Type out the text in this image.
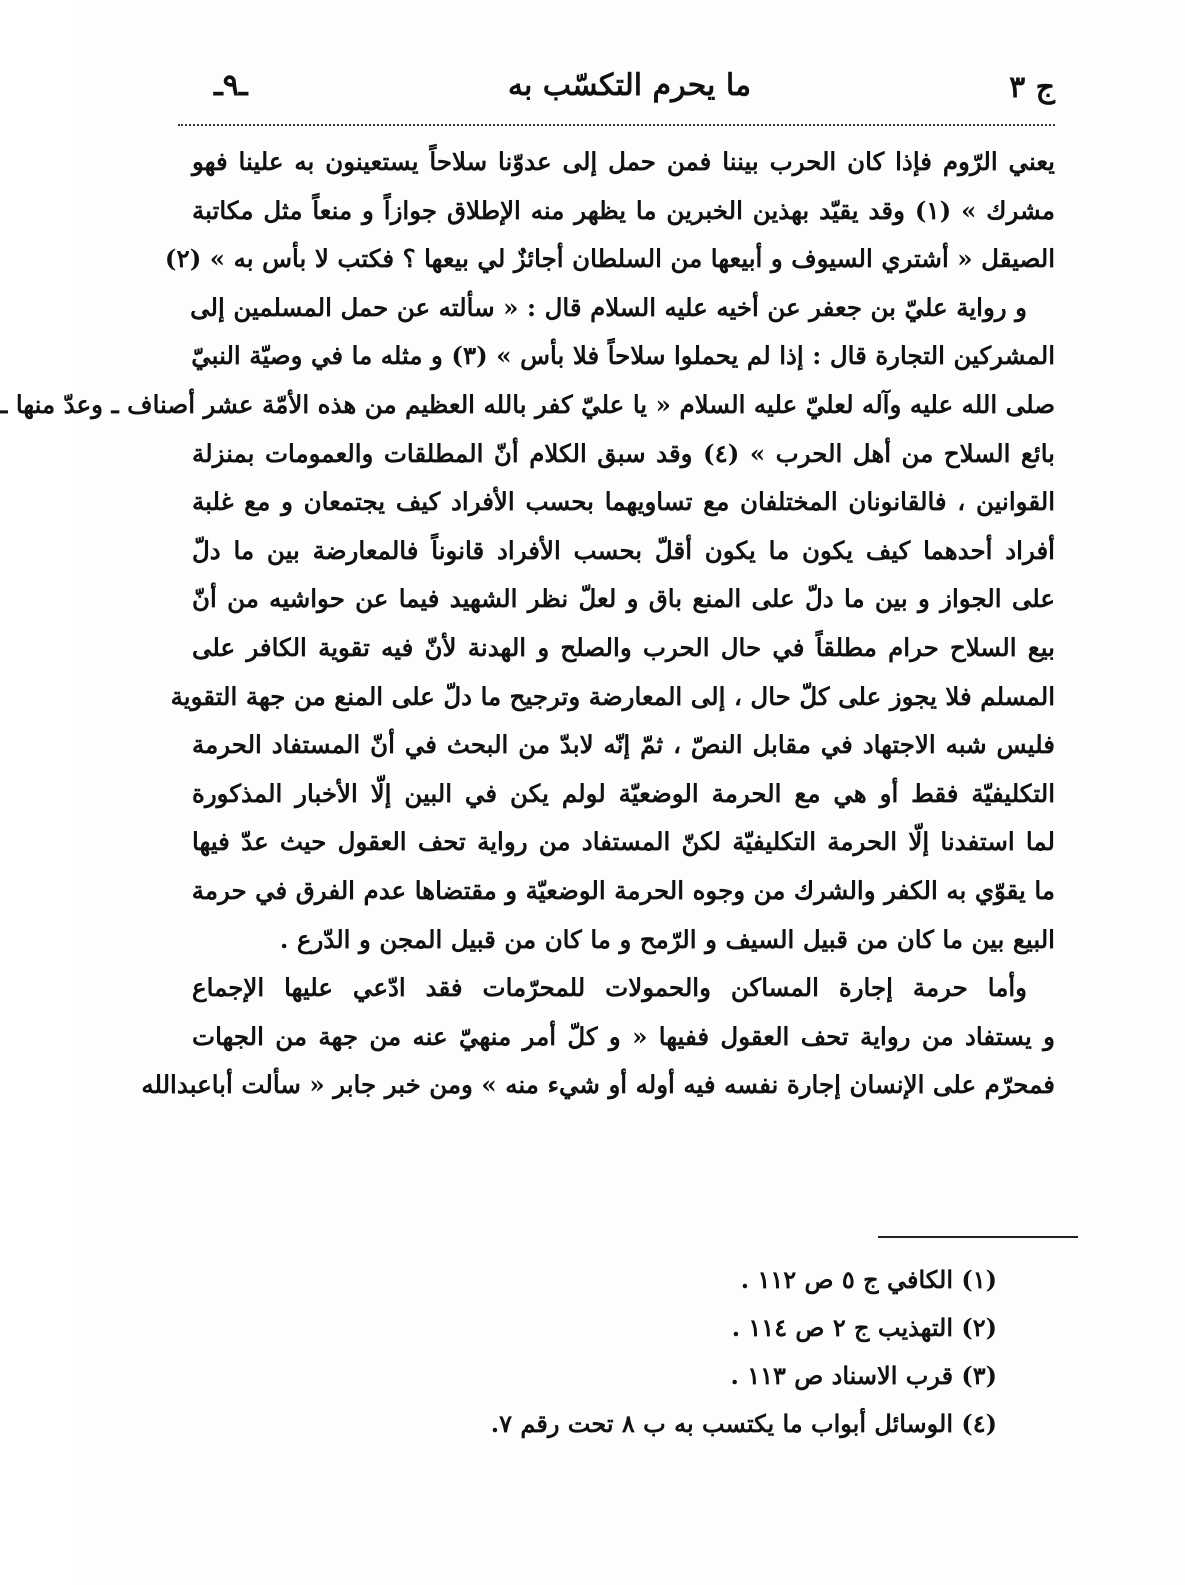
ج ٣
ما يحرم التكسّب به
ـ٩ـ
يعني الرّوم فإذا كان الحرب بيننا فمن حمل إلى عدوّنا سلاحاً يستعينون به علينا فهو
مشرك » (١) وقد يقيّد بهذين الخبرين ما يظهر منه الإطلاق جوازاً و منعاً مثل مكاتبة
الصيقل « أشتري السيوف و أبيعها من السلطان أجائزٌ لي بيعها ؟ فكتب لا بأس به » (٢)
و رواية عليّ بن جعفر عن أخيه عليه السلام قال : « سألته عن حمل المسلمين إلى
المشركين التجارة قال : إذا لم يحملوا سلاحاً فلا بأس » (٣) و مثله ما في وصيّة النبيّ
صلى الله عليه وآله لعليّ عليه السلام « يا عليّ كفر بالله العظيم من هذه الأمّة عشر أصناف ـ وعدّ منها ـ
بائع السلاح من أهل الحرب » (٤) وقد سبق الكلام أنّ المطلقات والعمومات بمنزلة
القوانين ، فالقانونان المختلفان مع تساويهما بحسب الأفراد كيف يجتمعان و مع غلبة
أفراد أحدهما كيف يكون ما يكون أقلّ بحسب الأفراد قانوناً فالمعارضة بين ما دلّ
على الجواز و بين ما دلّ على المنع باق و لعلّ نظر الشهيد فيما عن حواشيه من أنّ
بيع السلاح حرام مطلقاً في حال الحرب والصلح و الهدنة لأنّ فيه تقوية الكافر على
المسلم فلا يجوز على كلّ حال ، إلى المعارضة وترجيح ما دلّ على المنع من جهة التقوية
فليس شبه الاجتهاد في مقابل النصّ ، ثمّ إنّه لابدّ من البحث في أنّ المستفاد الحرمة
التكليفيّة فقط أو هي مع الحرمة الوضعيّة لولم يكن في البين إلّا الأخبار المذكورة
لما استفدنا إلّا الحرمة التكليفيّة لكنّ المستفاد من رواية تحف العقول حيث عدّ فيها
ما يقوّي به الكفر والشرك من وجوه الحرمة الوضعيّة و مقتضاها عدم الفرق في حرمة
البيع بين ما كان من قبيل السيف و الرّمح و ما كان من قبيل المجن و الدّرع .
وأما حرمة إجارة المساكن والحمولات للمحرّمات فقد ادّعي عليها الإجماع
و يستفاد من رواية تحف العقول ففيها « و كلّ أمر منهيّ عنه من جهة من الجهات
فمحرّم على الإنسان إجارة نفسه فيه أوله أو شيء منه » ومن خبر جابر « سألت أباعبدالله
(١) الكافي ج ٥ ص ١١٢ .
(٢) التهذيب ج ٢ ص ١١٤ .
(٣) قرب الاسناد ص ١١٣ .
(٤) الوسائل أبواب ما يكتسب به ب ٨ تحت رقم ٧.
